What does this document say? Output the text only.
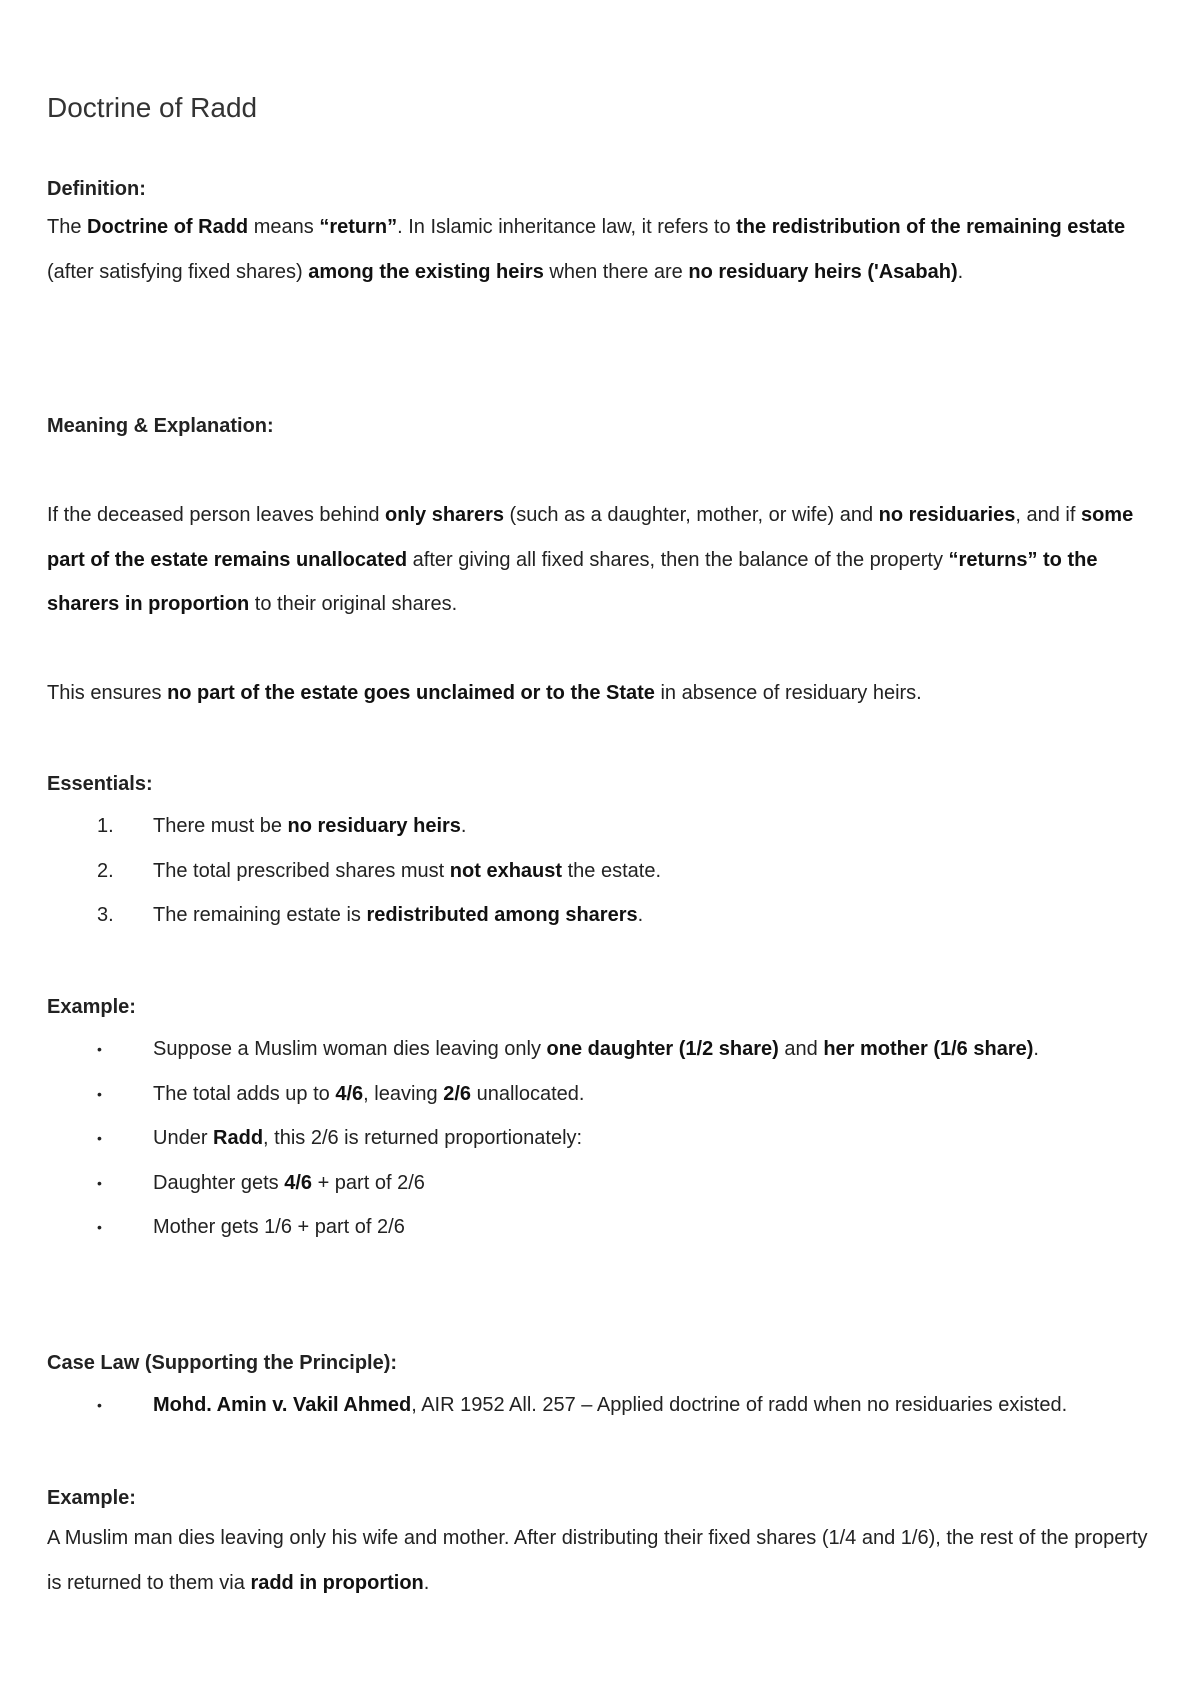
Doctrine of Radd

Definition:

The Doctrine of Radd means “return”. In Islamic inheritance law, it refers to the redistribution of the remaining estate (after satisfying fixed shares) among the existing heirs when there are no residuary heirs ('Asabah).

Meaning & Explanation:

If the deceased person leaves behind only sharers (such as a daughter, mother, or wife) and no residuaries, and if some part of the estate remains unallocated after giving all fixed shares, then the balance of the property “returns” to the sharers in proportion to their original shares.

This ensures no part of the estate goes unclaimed or to the State in absence of residuary heirs.

Essentials:

1.	There must be no residuary heirs.
2.	The total prescribed shares must not exhaust the estate.
3.	The remaining estate is redistributed among sharers.

Example:

•	Suppose a Muslim woman dies leaving only one daughter (1/2 share) and her mother (1/6 share).
•	The total adds up to 4/6, leaving 2/6 unallocated.
•	Under Radd, this 2/6 is returned proportionately:
•	Daughter gets 4/6 + part of 2/6
•	Mother gets 1/6 + part of 2/6

Case Law (Supporting the Principle):

•	Mohd. Amin v. Vakil Ahmed, AIR 1952 All. 257 – Applied doctrine of radd when no residuaries existed.

Example:

A Muslim man dies leaving only his wife and mother. After distributing their fixed shares (1/4 and 1/6), the rest of the property is returned to them via radd in proportion.
